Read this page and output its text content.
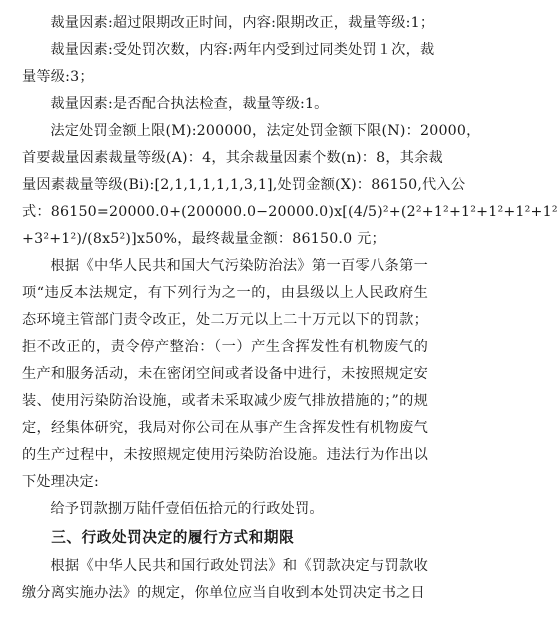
裁量因素:超过限期改正时间，内容:限期改正，裁量等级:1；

裁量因素:受处罚次数，内容:两年内受到过同类处罚１次，裁

量等级:3；

裁量因素:是否配合执法检查，裁量等级:1。

法定处罚金额上限(M):200000，法定处罚金额下限(N)：20000，

首要裁量因素裁量等级(A)：4，其余裁量因素个数(n)：8，其余裁

量因素裁量等级(Bi):[2,1,1,1,1,1,3,1],处罚金额(X)：86150,代入公

式：86150=20000.0+(200000.0−20000.0)x[(4/5)²+(2²+1²+1²+1²+1²+1²

+3²+1²)/(8x5²)]x50%，最终裁量金额：86150.0 元；

根据《中华人民共和国大气污染防治法》第一百零八条第一项“违反本法规定，有下列行为之一的，由县级以上人民政府生态环境主管部门责令改正，处二万元以上二十万元以下的罚款；拒不改正的，责令停产整治：（一）产生含挥发性有机物废气的生产和服务活动，未在密闭空间或者设备中进行，未按照规定安装、使用污染防治设施，或者未采取减少废气排放措施的；”的规定，经集体研究，我局对你公司在从事产生含挥发性有机物废气的生产过程中，未按照规定使用污染防治设施。违法行为作出以下处理决定:

给予罚款捌万陆仟壹佰伍拾元的行政处罚。

三、行政处罚决定的履行方式和期限

根据《中华人民共和国行政处罚法》和《罚款决定与罚款收缴分离实施办法》的规定，你单位应当自收到本处罚决定书之日
